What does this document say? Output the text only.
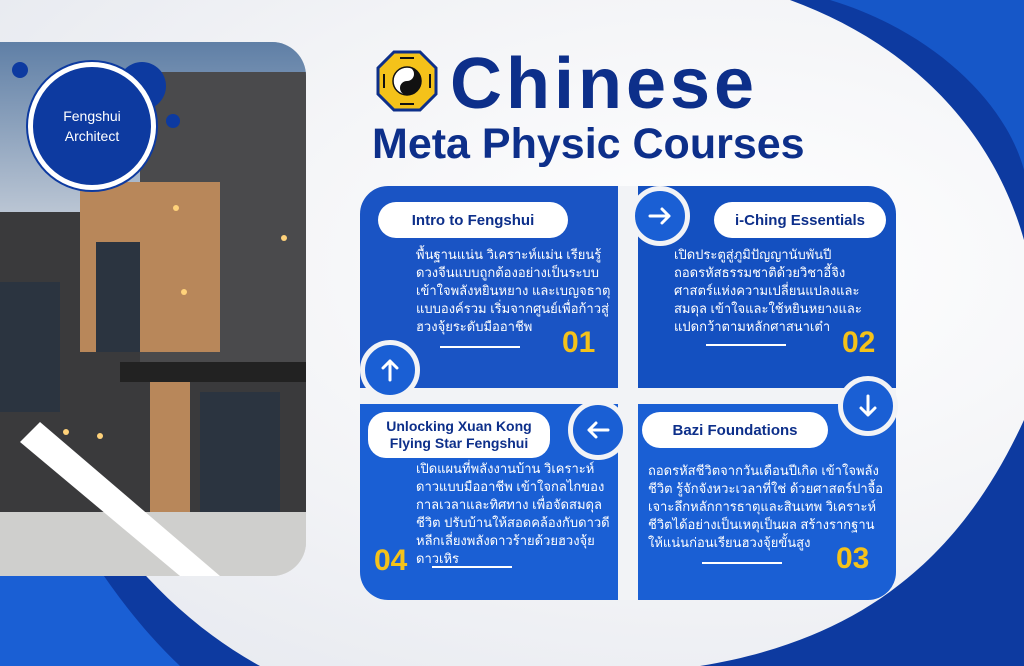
Fengshui Architect
Chinese
Meta Physic Courses
Intro to Fengshui
พื้นฐานแน่น วิเคราะห์แม่น เรียนรู้ดวงจีนแบบถูกต้องอย่างเป็นระบบ เข้าใจพลังหยินหยาง และเบญจธาตุแบบองค์รวม เริ่มจากศูนย์เพื่อก้าวสู่ฮวงจุ้ยระดับมืออาชีพ 01
i-Ching Essentials
เปิดประตูสู่ภูมิปัญญานับพันปี ถอดรหัสธรรมชาติด้วยวิชาอี้จิง ศาสตร์แห่งความเปลี่ยนแปลงและสมดุล เข้าใจและใช้หยินหยางและแปดกว้าตามหลักศาสนาเต๋า 02
Bazi Foundations
ถอดรหัสชีวิตจากวันเดือนปีเกิด เข้าใจพลังชีวิต รู้จักจังหวะเวลาที่ใช่ ด้วยศาสตร์ปาจื้อ เจาะลึกหลักการธาตุและสินเทพ วิเคราะห์ชีวิตได้อย่างเป็นเหตุเป็นผล สร้างรากฐานให้แน่นก่อนเรียนฮวงจุ้ยขั้นสูง 03
Unlocking Xuan Kong Flying Star Fengshui
เปิดแผนที่พลังงานบ้าน วิเคราะห์ดาวแบบมืออาชีพ เข้าใจกลไกของกาลเวลาและทิศทาง เพื่อจัดสมดุลชีวิต ปรับบ้านให้สอดคล้องกับดาวดี หลีกเลี่ยงพลังดาวร้ายด้วยฮวงจุ้ยดาวเหิร
04
